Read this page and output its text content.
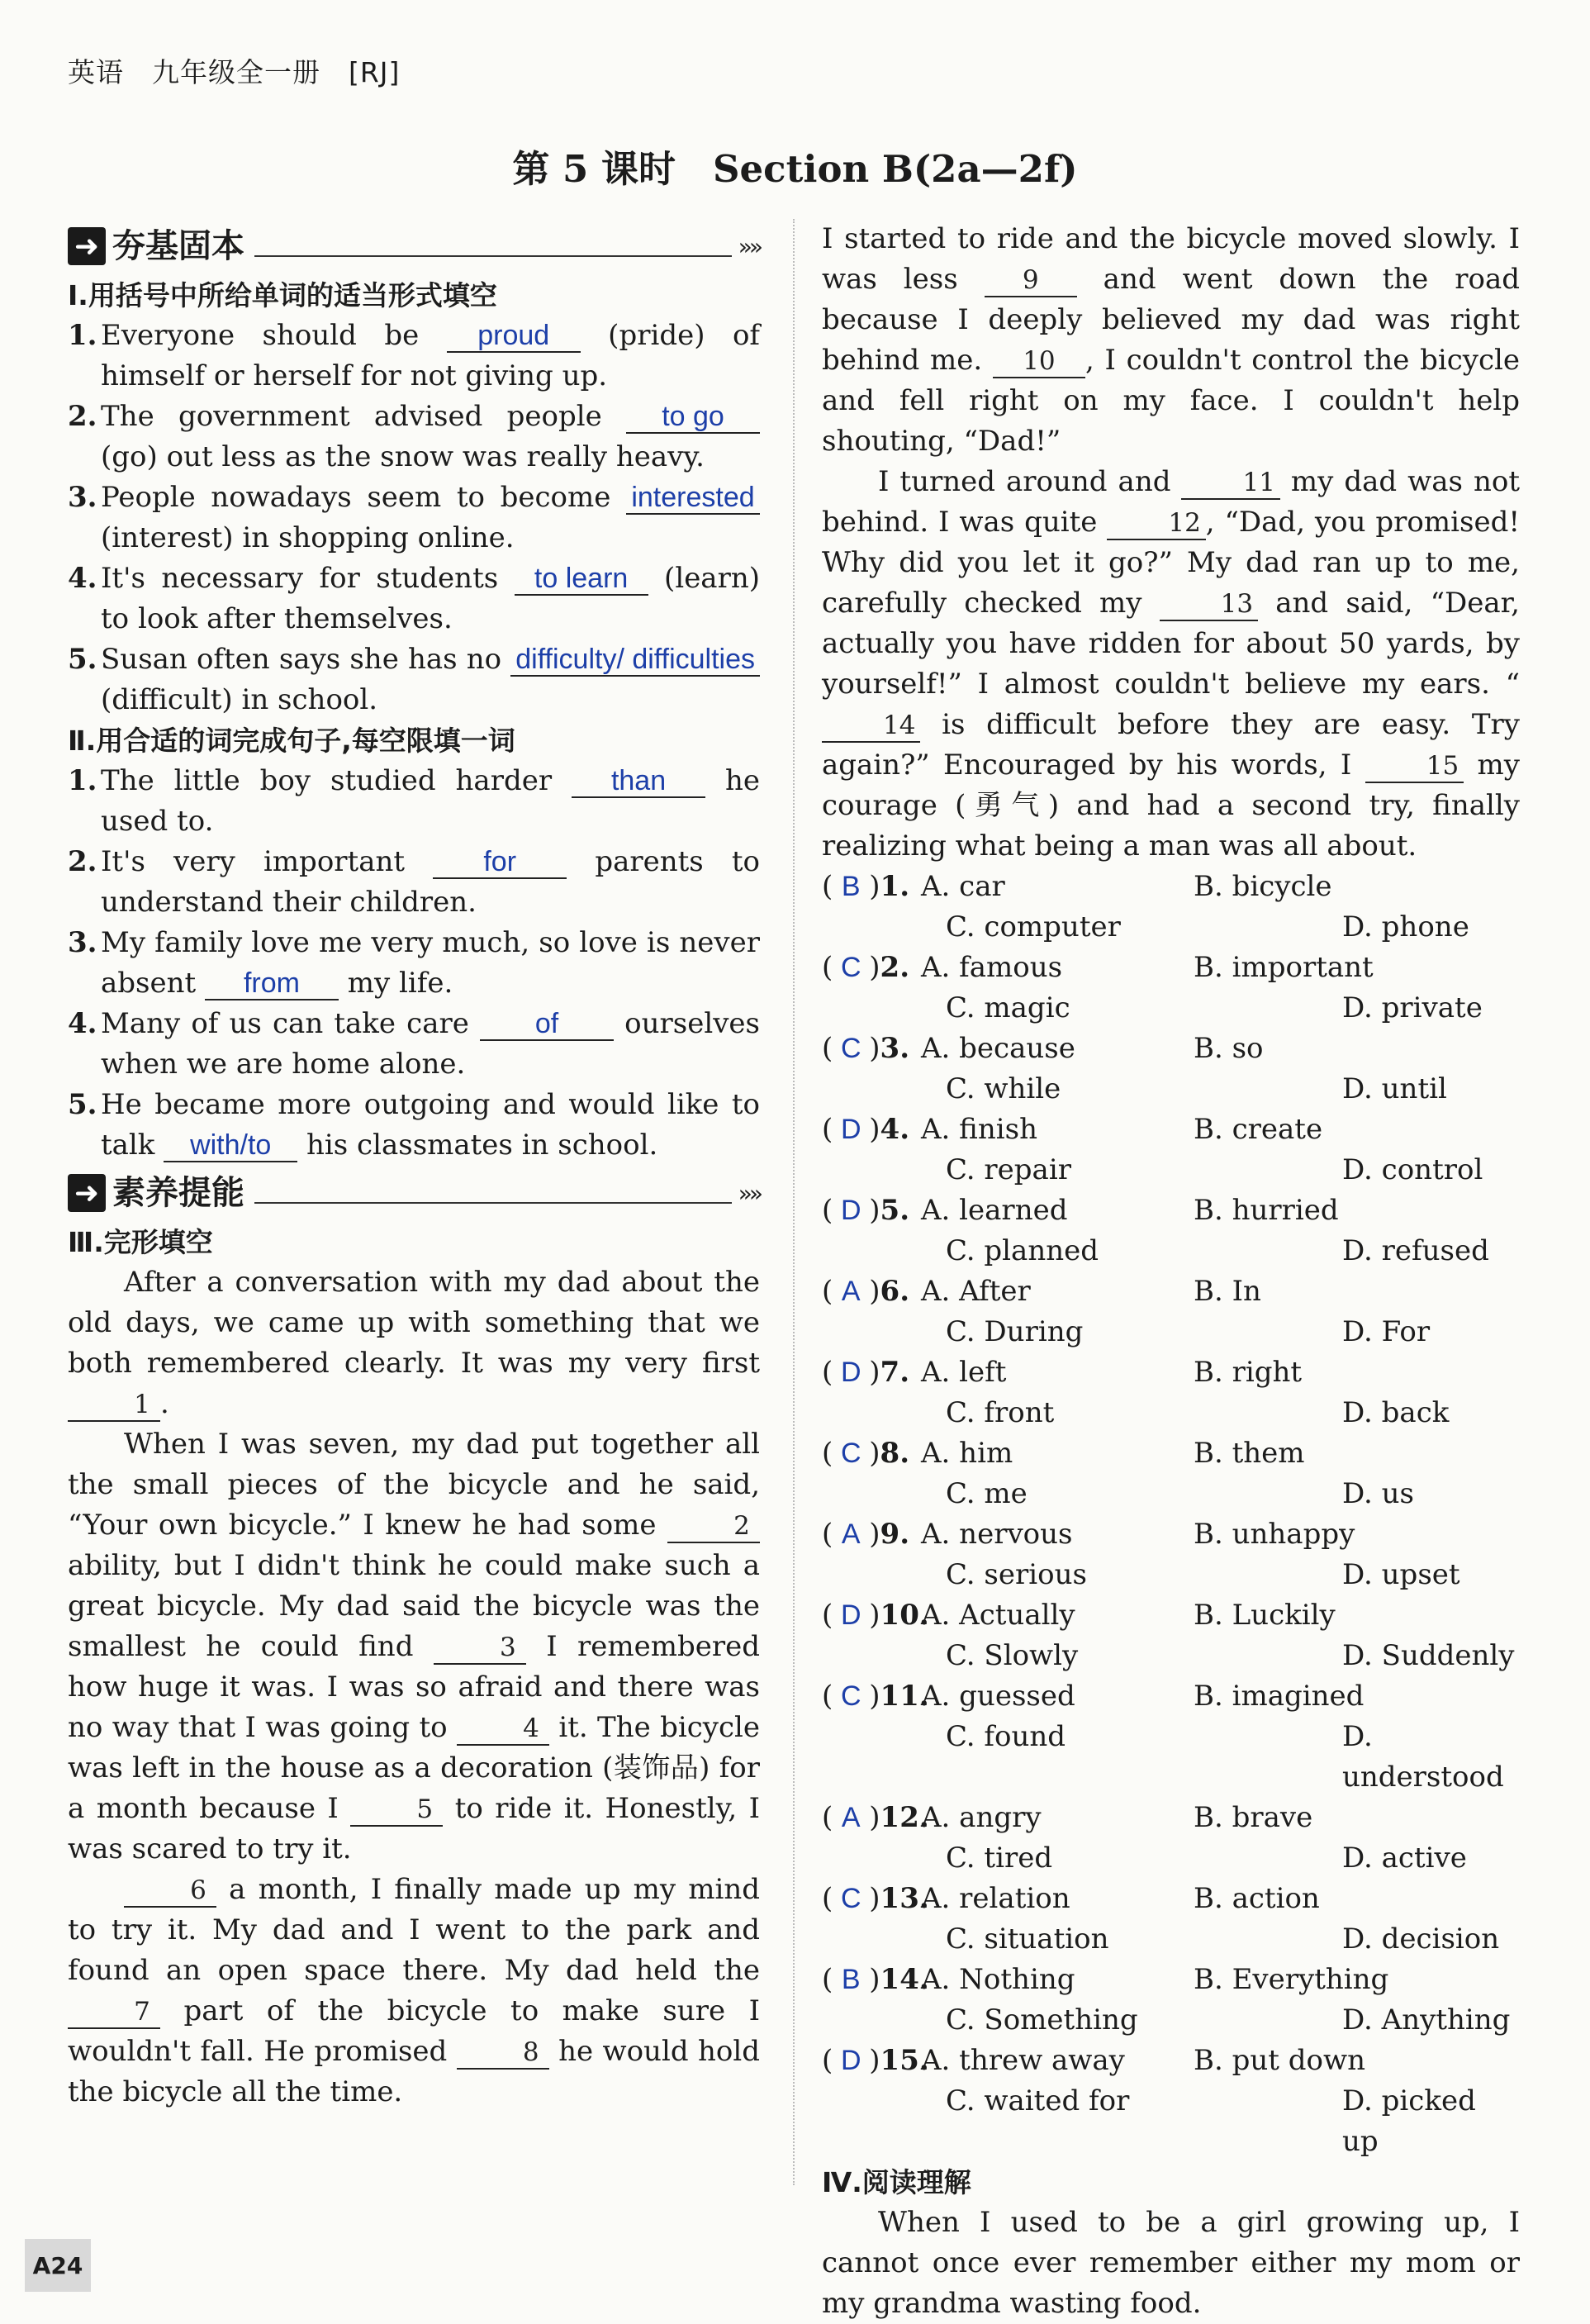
英语　九年级全一册　[RJ]
第 5 课时　Section B(2a—2f)
➜ 夯基固本	»»
Ⅰ.用括号中所给单词的适当形式填空
1. Everyone should be proud (pride) of himself or herself for not giving up.
2. The government advised people to go (go) out less as the snow was really heavy.
3. People nowadays seem to become interested (interest) in shopping online.
4. It's necessary for students to learn (learn) to look after themselves.
5. Susan often says she has no difficulty/ difficulties (difficult) in school.
Ⅱ.用合适的词完成句子,每空限填一词
1. The little boy studied harder than he used to.
2. It's very important for parents to understand their children.
3. My family love me very much, so love is never absent from my life.
4. Many of us can take care of ourselves when we are home alone.
5. He became more outgoing and would like to talk with/to his classmates in school.
➜ 素养提能	»»
Ⅲ.完形填空
After a conversation with my dad about the old days, we came up with something that we both remembered clearly. It was my very first 1 .
When I was seven, my dad put together all the small pieces of the bicycle and he said, “Your own bicycle.” I knew he had some	2 ability, but I didn't think he could make such a great bicycle. My dad said the bicycle was the smallest he could find	3 I remembered how huge it was. I was so afraid and there was no way that I was going to	4 it. The bicycle was left in the house as a decoration (装饰品) for a month because I	5 to ride it. Honestly, I was scared to try it.
6 a month, I finally made up my mind to try it. My dad and I went to the park and found an open space there. My dad held the 7 part of the bicycle to make sure I wouldn't fall. He promised	8 he would hold the bicycle all the time.
I started to ride and the bicycle moved slowly. I was less 9 and went down the road because I deeply believed my dad was right behind me. 10 , I couldn't control the bicycle and fell right on my face. I couldn't help shouting, “Dad!”
I turned around and 11 my dad was not behind. I was quite 12 , “Dad, you promised! Why did you let it go?” My dad ran up to me, carefully checked my 13 and said, “Dear, actually you have ridden for about 50 yards, by yourself!” I almost couldn't believe my ears. “14 is difficult before they are easy. Try again?” Encouraged by his words, I 15 my courage (勇气) and had a second try, finally realizing what being a man was all about.
( B )1. A. car	B. bicycle
C. computer	D. phone
( C )2. A. famous	B. important
C. magic	D. private
( C )3. A. because	B. so
C. while	D. until
( D )4. A. finish	B. create
C. repair	D. control
( D )5. A. learned	B. hurried
C. planned	D. refused
( A )6. A. After	B. In
C. During	D. For
( D )7. A. left	B. right
C. front	D. back
( C )8. A. him	B. them
C. me	D. us
( A )9. A. nervous	B. unhappy
C. serious	D. upset
( D )10.
A. Actually	B. Luckily
C. Slowly	D. Suddenly
( C )11.
A. guessed	B. imagined
C. found	D. understood
( A )12.
A. angry	B. brave
C. tired	D. active
( C )13.
A. relation	B. action
C. situation	D. decision
( B )14.
A. Nothing	B. Everything
C. Something	D. Anything
( D )15.
A. threw away	B. put down
C. waited for	D. picked up
Ⅳ.阅读理解
When I used to be a girl growing up, I cannot once ever remember either my mom or my grandma wasting food.
A24
